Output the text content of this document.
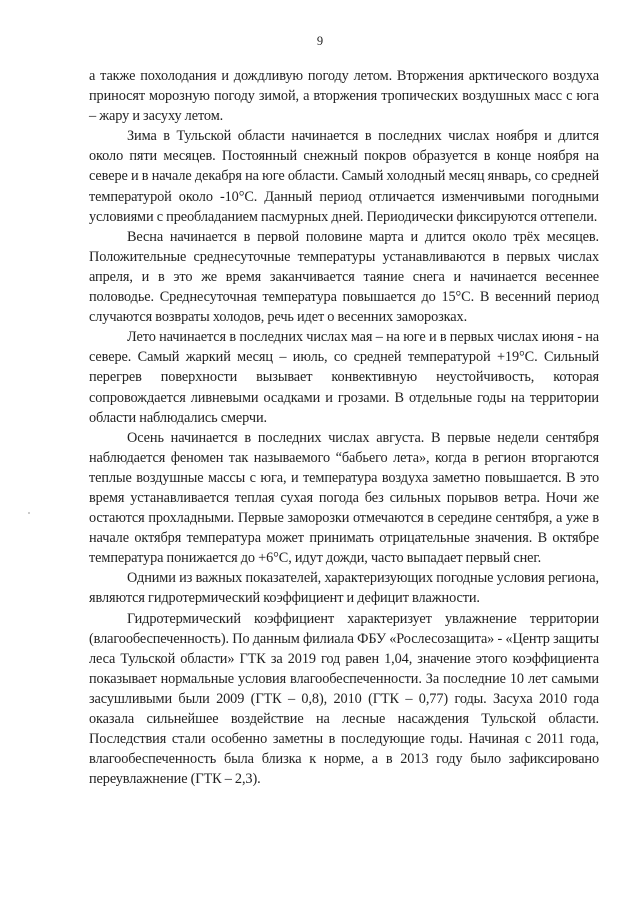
9

а также похолодания и дождливую погоду летом. Вторжения арктического воздуха приносят морозную погоду зимой, а вторжения тропических воздушных масс с юга – жару и засуху летом.

Зима в Тульской области начинается в последних числах ноября и длится около пяти месяцев. Постоянный снежный покров образуется в конце ноября на севере и в начале декабря на юге области. Самый холодный месяц январь, со средней температурой около -10°С. Данный период отличается изменчивыми погодными условиями с преобладанием пасмурных дней. Периодически фиксируются оттепели.

Весна начинается в первой половине марта и длится около трёх месяцев. Положительные среднесуточные температуры устанавливаются в первых числах апреля, и в это же время заканчивается таяние снега и начинается весеннее половодье. Среднесуточная температура повышается до 15°С. В весенний период случаются возвраты холодов, речь идет о весенних заморозках.

Лето начинается в последних числах мая – на юге и в первых числах июня - на севере. Самый жаркий месяц – июль, со средней температурой +19°С. Сильный перегрев поверхности вызывает конвективную неустойчивость, которая сопровождается ливневыми осадками и грозами. В отдельные годы на территории области наблюдались смерчи.

Осень начинается в последних числах августа. В первые недели сентября наблюдается феномен так называемого “бабьего лета», когда в регион вторгаются теплые воздушные массы с юга, и температура воздуха заметно повышается. В это время устанавливается теплая сухая погода без сильных порывов ветра. Ночи же остаются прохладными. Первые заморозки отмечаются в середине сентября, а уже в начале октября температура может принимать отрицательные значения. В октябре температура понижается до +6°С, идут дожди, часто выпадает первый снег.

Одними из важных показателей, характеризующих погодные условия региона, являются гидротермический коэффициент и дефицит влажности.

Гидротермический коэффициент характеризует увлажнение территории (влагообеспеченность). По данным филиала ФБУ «Рослесозащита» - «Центр защиты леса Тульской области» ГТК за 2019 год равен 1,04, значение этого коэффициента показывает нормальные условия влагообеспеченности. За последние 10 лет самыми засушливыми были 2009 (ГТК – 0,8), 2010 (ГТК – 0,77) годы. Засуха 2010 года оказала сильнейшее воздействие на лесные насаждения Тульской области. Последствия стали особенно заметны в последующие годы. Начиная с 2011 года, влагообеспеченность была близка к норме, а в 2013 году было зафиксировано переувлажнение (ГТК – 2,3).
